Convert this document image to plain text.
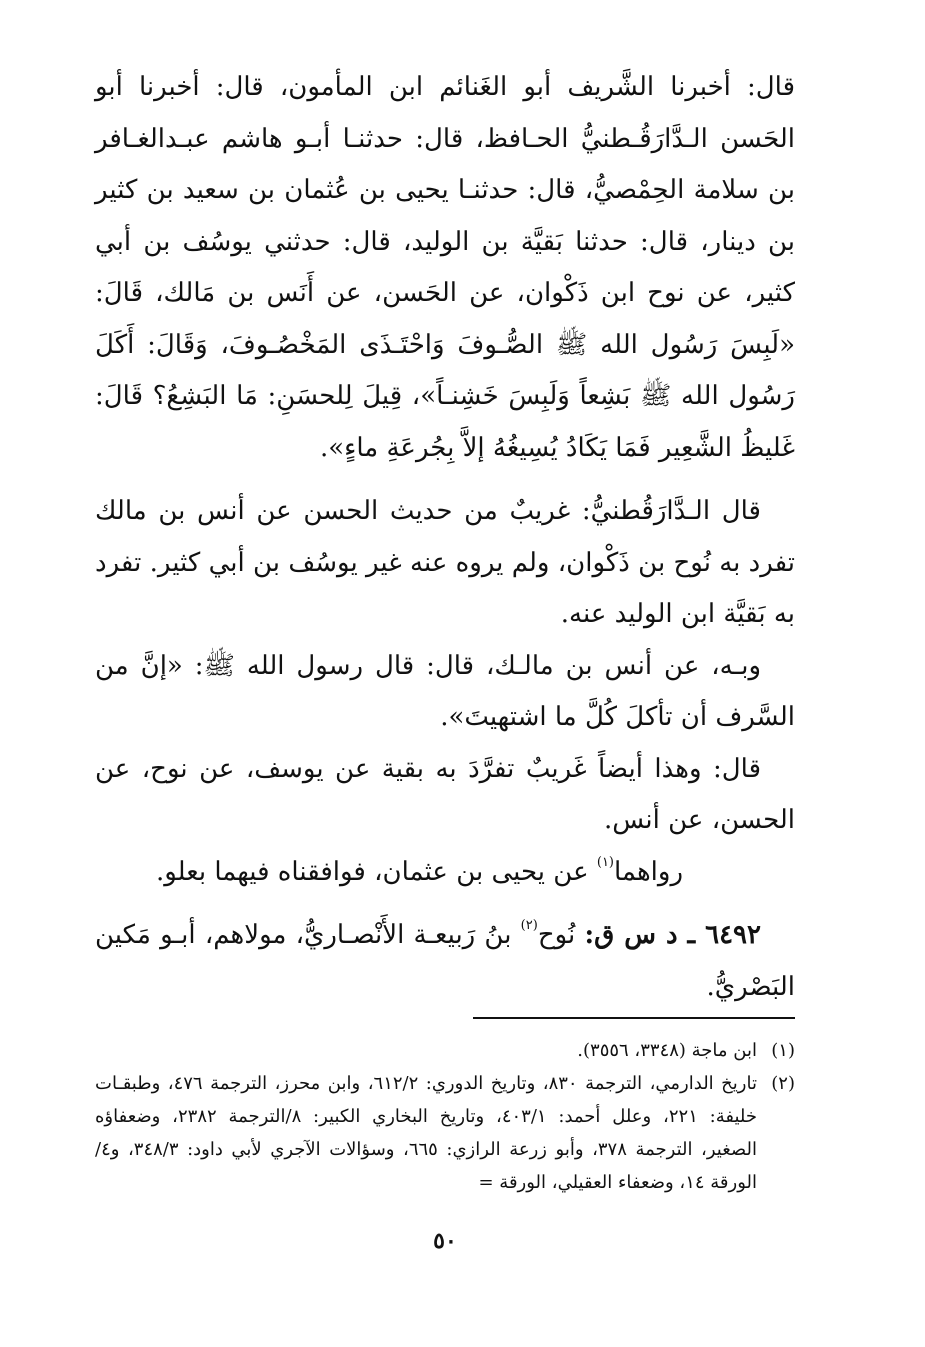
قال: أخبرنا الشَّريف أبو الغَنائم ابن المأمون، قال: أخبرنا أبو الحَسن الـدَّارَقُـطنيُّ الحـافظ، قال: حدثنـا أبـو هاشم عبـدالغـافر بن سلامة الحِمْصيُّ، قال: حدثنـا يحيى بن عُثمان بن سعيد بن كثير بن دينار، قال: حدثنا بَقيَّة بن الوليد، قال: حدثني يوسُف بن أبي كثير، عن نوح ابن ذَكْوان، عن الحَسن، عن أَنَس بن مَالك، قَالَ: «لَبِسَ رَسُول الله ﷺ الصُّـوفَ وَاحْتَـذَى المَخْصُـوفَ، وَقَالَ: أَكَلَ رَسُول الله ﷺ بَشِعاً وَلَبِسَ خَشِنـاً»، قِيلَ لِلحسَنِ: مَا البَشِعُ؟ قَالَ: غَليظُ الشَّعِير فَمَا يَكَادُ يُسِيغُهُ إلاَّ بِجُرعَةِ ماءٍ».

قال الـدَّارَقُطنيُّ: غريبٌ من حديث الحسن عن أنس بن مالك تفرد به نُوح بن ذَكْوان، ولم يروه عنه غير يوسُف بن أبي كثير. تفرد به بَقيَّة ابن الوليد عنه.

وبـه، عن أنس بن مالـك، قال: قال رسول الله ﷺ: «إنَّ من السَّرف أن تأكلَ كُلَّ ما اشتهيتَ».

قال: وهذا أيضاً غَريبٌ تفرَّدَ به بقية عن يوسف، عن نوح، عن الحسن، عن أنس.

رواهما$^{(١)}$ عن يحيى بن عثمان، فوافقناه فيهما بعلو.

٦٤٩٢ ـ د س ق: نُوح$^{(٢)}$ بنُ رَبيعـة الأَنْصـاريُّ، مولاهم، أبـو مَكين البَصْريُّ.

(١)
ابن ماجة (٣٣٤٨، ٣٥٥٦).
(٢)
تاريخ الدارمي، الترجمة ٨٣٠، وتاريخ الدوري: ٦١٢/٢، وابن محرز، الترجمة ٤٧٦، وطبقـات خليفة: ٢٢١، وعلل أحمد: ٤٠٣/١، وتاريخ البخاري الكبير: ٨/الترجمة ٢٣٨٢، وضعفاؤه الصغير، الترجمة ٣٧٨، وأبو زرعة الرازي: ٦٦٥، وسؤالات الآجري لأبي داود: ٣٤٨/٣، و٤/الورقة ١٤، وضعفاء العقيلي، الورقة =
٥٠
